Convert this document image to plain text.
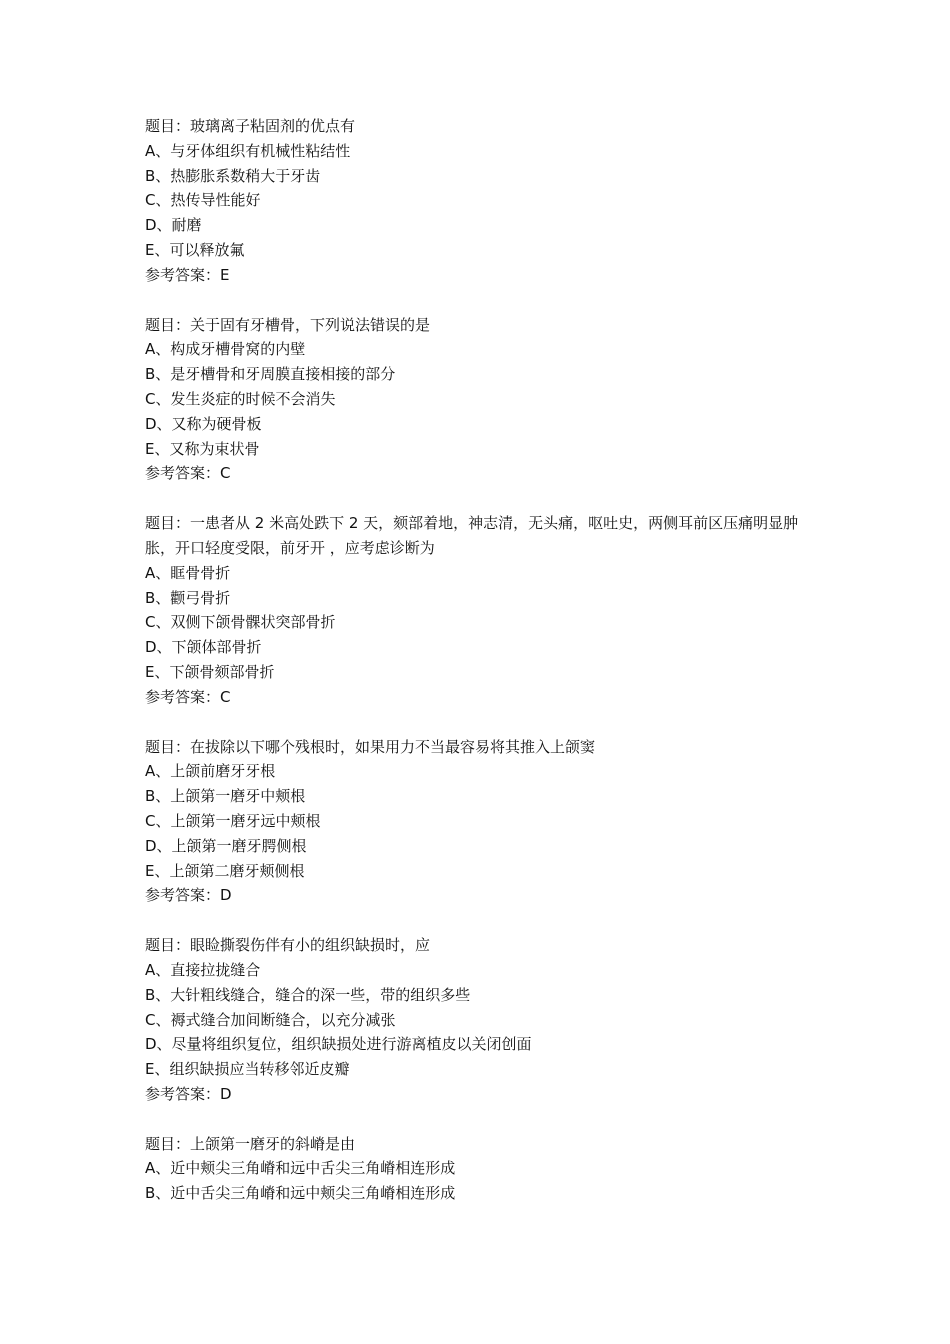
题目：玻璃离子粘固剂的优点有
A、与牙体组织有机械性粘结性
B、热膨胀系数稍大于牙齿
C、热传导性能好
D、耐磨
E、可以释放氟
参考答案：E
题目：关于固有牙槽骨，下列说法错误的是
A、构成牙槽骨窝的内壁
B、是牙槽骨和牙周膜直接相接的部分
C、发生炎症的时候不会消失
D、又称为硬骨板
E、又称为束状骨
参考答案：C
题目：一患者从 2 米高处跌下 2 天，颏部着地，神志清，无头痛，呕吐史，两侧耳前区压痛明显肿胀，开口轻度受限，前牙开 ，应考虑诊断为
A、眶骨骨折
B、颧弓骨折
C、双侧下颌骨髁状突部骨折
D、下颌体部骨折
E、下颌骨颏部骨折
参考答案：C
题目：在拔除以下哪个残根时，如果用力不当最容易将其推入上颌窦
A、上颌前磨牙牙根
B、上颌第一磨牙中颊根
C、上颌第一磨牙远中颊根
D、上颌第一磨牙腭侧根
E、上颌第二磨牙颊侧根
参考答案：D
题目：眼睑撕裂伤伴有小的组织缺损时，应
A、直接拉拢缝合
B、大针粗线缝合，缝合的深一些，带的组织多些
C、褥式缝合加间断缝合，以充分减张
D、尽量将组织复位，组织缺损处进行游离植皮以关闭创面
E、组织缺损应当转移邻近皮瓣
参考答案：D
题目：上颌第一磨牙的斜嵴是由
A、近中颊尖三角嵴和远中舌尖三角嵴相连形成
B、近中舌尖三角嵴和远中颊尖三角嵴相连形成
